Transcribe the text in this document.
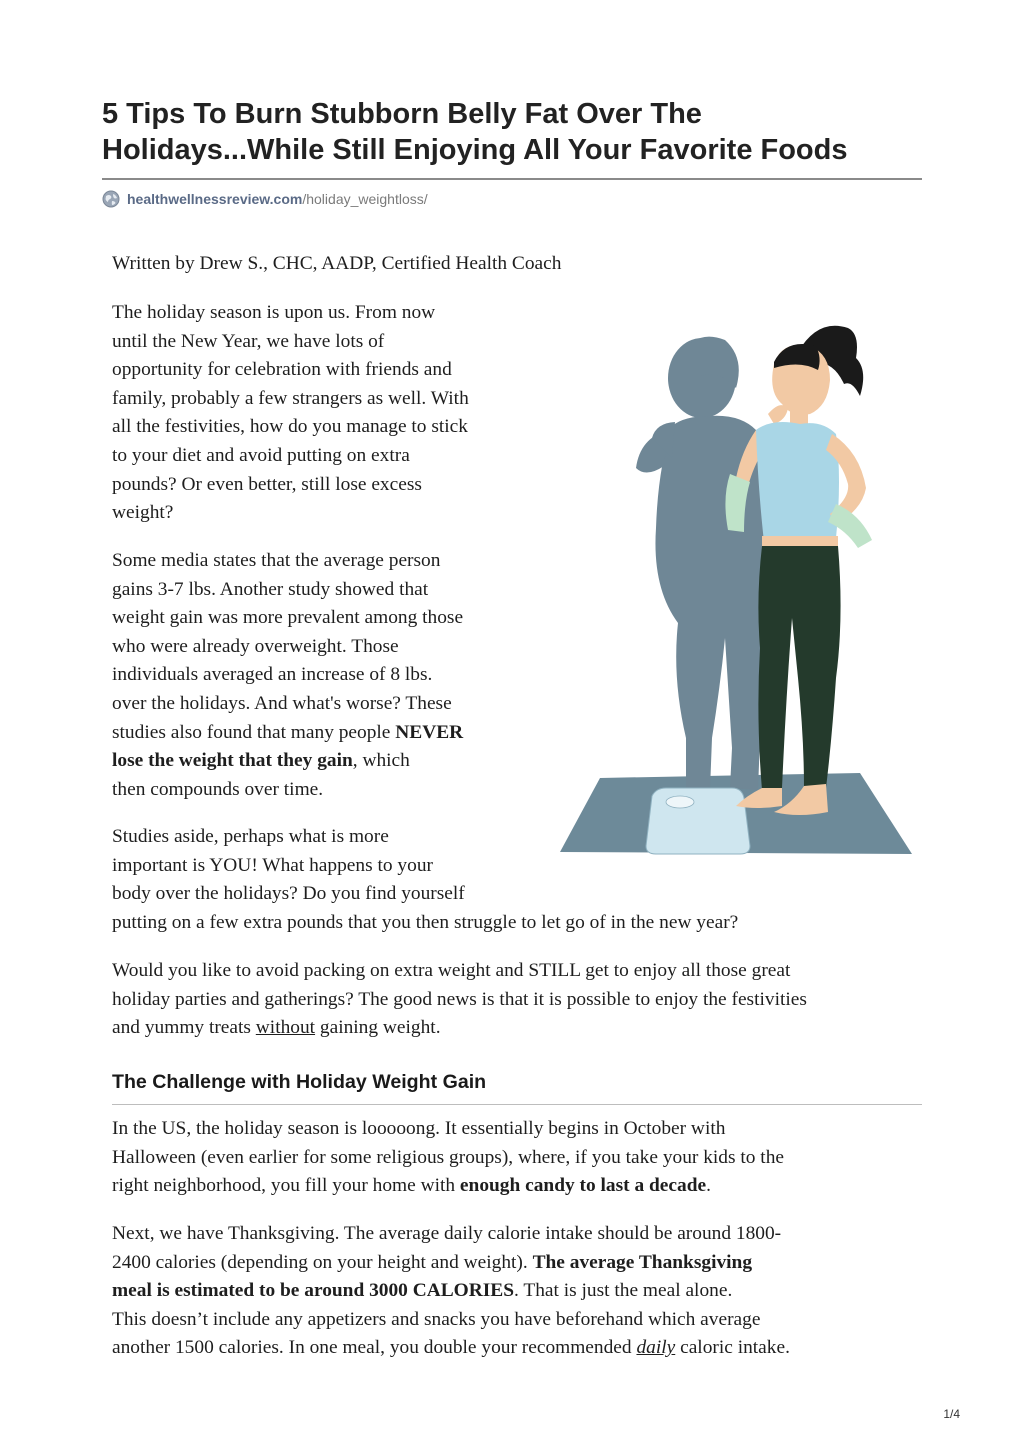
5 Tips To Burn Stubborn Belly Fat Over The Holidays...While Still Enjoying All Your Favorite Foods
healthwellnessreview.com /holiday_weightloss/

Written by Drew S., CHC, AADP, Certified Health Coach

The holiday season is upon us. From now
until the New Year, we have lots of
opportunity for celebration with friends and
family, probably a few strangers as well. With
all the festivities, how do you manage to stick
to your diet and avoid putting on extra
pounds? Or even better, still lose excess
weight?

Some media states that the average person
gains 3-7 lbs. Another study showed that
weight gain was more prevalent among those
who were already overweight. Those
individuals averaged an increase of 8 lbs.
over the holidays. And what's worse? These
studies also found that many people NEVER
lose the weight that they gain, which
then compounds over time.

Studies aside, perhaps what is more
important is YOU! What happens to your
body over the holidays? Do you find yourself
putting on a few extra pounds that you then struggle to let go of in the new year?

Would you like to avoid packing on extra weight and STILL get to enjoy all those great
holiday parties and gatherings? The good news is that it is possible to enjoy the festivities
and yummy treats without gaining weight.

The Challenge with Holiday Weight Gain

In the US, the holiday season is looooong. It essentially begins in October with
Halloween (even earlier for some religious groups), where, if you take your kids to the
right neighborhood, you fill your home with enough candy to last a decade.

Next, we have Thanksgiving. The average daily calorie intake should be around 1800-
2400 calories (depending on your height and weight). The average Thanksgiving
meal is estimated to be around 3000 CALORIES. That is just the meal alone.
This doesn’t include any appetizers and snacks you have beforehand which average
another 1500 calories. In one meal, you double your recommended daily caloric intake.

1/4
